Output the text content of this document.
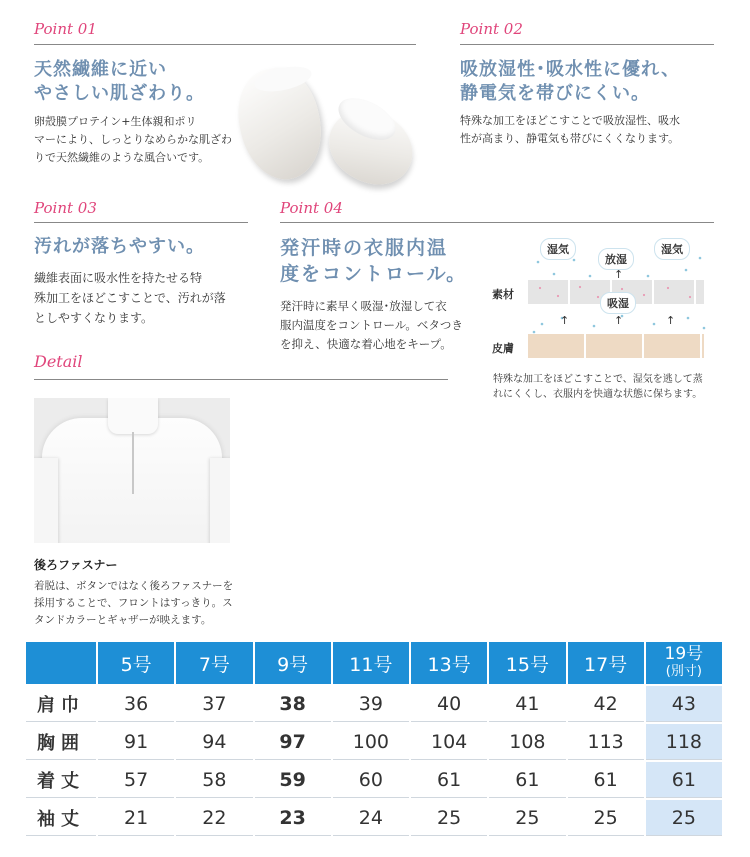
Point 01
天然繊維に近い
やさしい肌ざわり。
卵殻膜プロテイン+生体親和ポリ
マーにより、しっとりなめらかな肌ざわ
りで天然繊維のような風合いです。
Point 02
吸放湿性･吸水性に優れ、
静電気を帯びにくい。
特殊な加工をほどこすことで吸放湿性、吸水
性が高まり、静電気も帯びにくくなります。
Point 03
汚れが落ちやすい。
繊維表面に吸水性を持たせる特
殊加工をほどこすことで、汚れが落
としやすくなります。
Point 04
発汗時の衣服内温
度をコントロール。
発汗時に素早く吸湿･放湿して衣
服内温度をコントロール。ベタつき
を抑え、快適な着心地をキープ。
素材
皮膚
湿気
放湿
湿気
吸湿
↑
↑	↑	↑
特殊な加工をほどこすことで、湿気を逃して蒸
れにくくし、衣服内を快適な状態に保ちます。
Detail
後ろファスナー
着脱は、ボタンではなく後ろファスナーを
採用することで、フロントはすっきり。ス
タンドカラーとギャザーが映えます。
	5号	7号	9号	11号	13号	15号	17号	19号
(別寸)

肩巾	36	37	38	39	40	41	42	43
胸囲	91	94	97	100	104	108	113	118
着丈	57	58	59	60	61	61	61	61
袖丈	21	22	23	24	25	25	25	25
